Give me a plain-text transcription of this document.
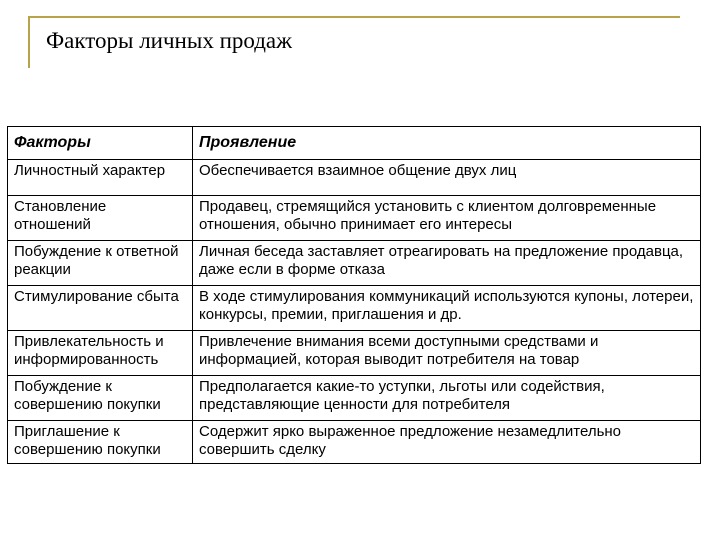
Факторы личных продаж
Факторы	Проявление
Личностный характер	Обеспечивается взаимное общение двух лиц
Становление отношений	Продавец, стремящийся установить с клиентом долговременные отношения, обычно принимает его интересы
Побуждение к ответной реакции	Личная беседа заставляет отреагировать на предложение продавца, даже если в форме отказа
Стимулирование сбыта	В ходе стимулирования коммуникаций используются купоны, лотереи, конкурсы, премии, приглашения и др.
Привлекательность и информированность	Привлечение внимания всеми доступными средствами и информацией, которая выводит потребителя на товар
Побуждение к совершению покупки	Предполагается какие-то уступки, льготы или содействия, представляющие ценности для потребителя
Приглашение к совершению покупки	Содержит ярко выраженное предложение незамедлительно совершить сделку
